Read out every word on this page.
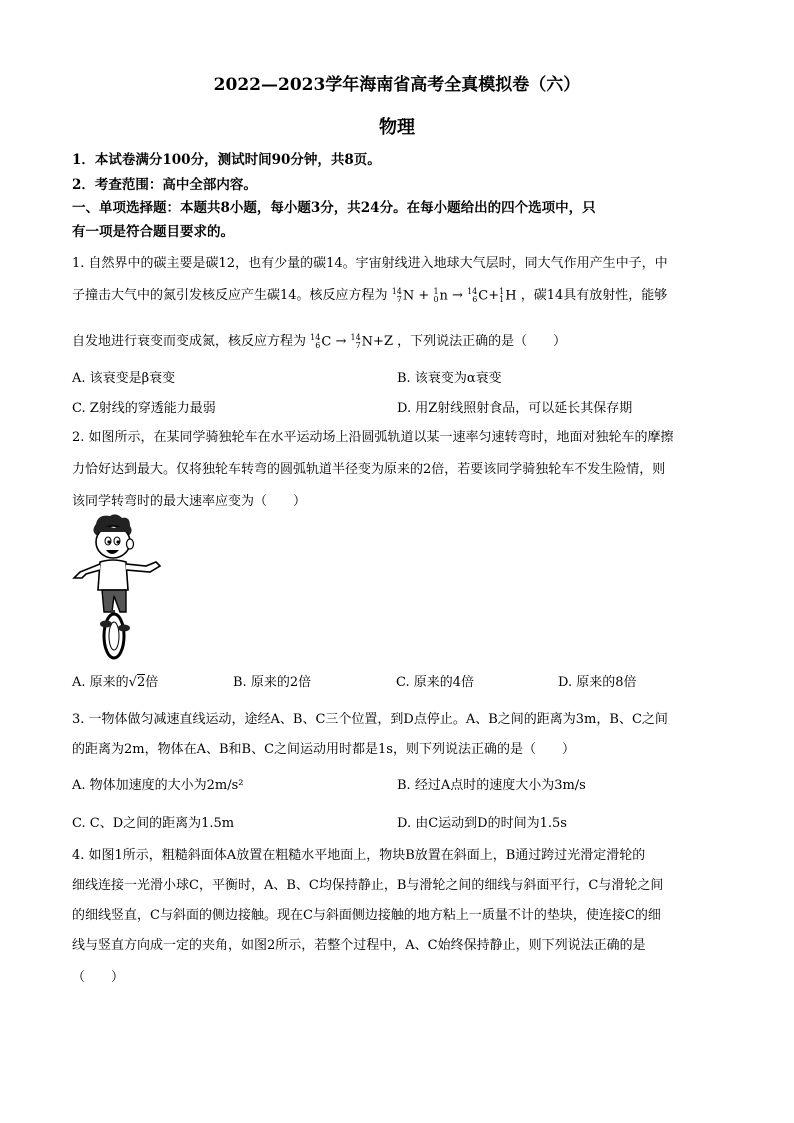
2022—2023学年海南省高考全真模拟卷（六）
物理
1．本试卷满分100分，测试时间90分钟，共8页。
2．考查范围：高中全部内容。
一、单项选择题：本题共8小题，每小题3分，共24分。在每小题给出的四个选项中，只
有一项是符合题目要求的。
1. 自然界中的碳主要是碳12，也有少量的碳14。宇宙射线进入地球大气层时，同大气作用产生中子，中
子撞击大气中的氮引发核反应产生碳14。核反应方程为 14
7 N + 1
0 n → 14
6 C+ 1
1 H ，碳14具有放射性，能够
自发地进行衰变而变成氮，核反应方程为 14
6 C → 14
7 N+Z ，下列说法正确的是（　　）
A. 该衰变是β衰变	B. 该衰变为α衰变
C. Z射线的穿透能力最弱	D. 用Z射线照射食品，可以延长其保存期
2. 如图所示，在某同学骑独轮车在水平运动场上沿圆弧轨道以某一速率匀速转弯时，地面对独轮车的摩擦
力恰好达到最大。仅将独轮车转弯的圆弧轨道半径变为原来的2倍，若要该同学骑独轮车不发生险情，则
该同学转弯时的最大速率应变为（　　）
A. 原来的√2倍	B. 原来的2倍	C. 原来的4倍	D. 原来的8倍
3. 一物体做匀减速直线运动，途经A、B、C三个位置，到D点停止。A、B之间的距离为3m，B、C之间
的距离为2m，物体在A、B和B、C之间运动用时都是1s，则下列说法正确的是（　　）
A. 物体加速度的大小为2m/s²	B. 经过A点时的速度大小为3m/s
C. C、D之间的距离为1.5m	D. 由C运动到D的时间为1.5s
4. 如图1所示，粗糙斜面体A放置在粗糙水平地面上，物块B放置在斜面上，B通过跨过光滑定滑轮的
细线连接一光滑小球C，平衡时，A、B、C均保持静止，B与滑轮之间的细线与斜面平行，C与滑轮之间
的细线竖直，C与斜面的侧边接触。现在C与斜面侧边接触的地方粘上一质量不计的垫块，使连接C的细
线与竖直方向成一定的夹角，如图2所示，若整个过程中，A、C始终保持静止，则下列说法正确的是
（　　）
